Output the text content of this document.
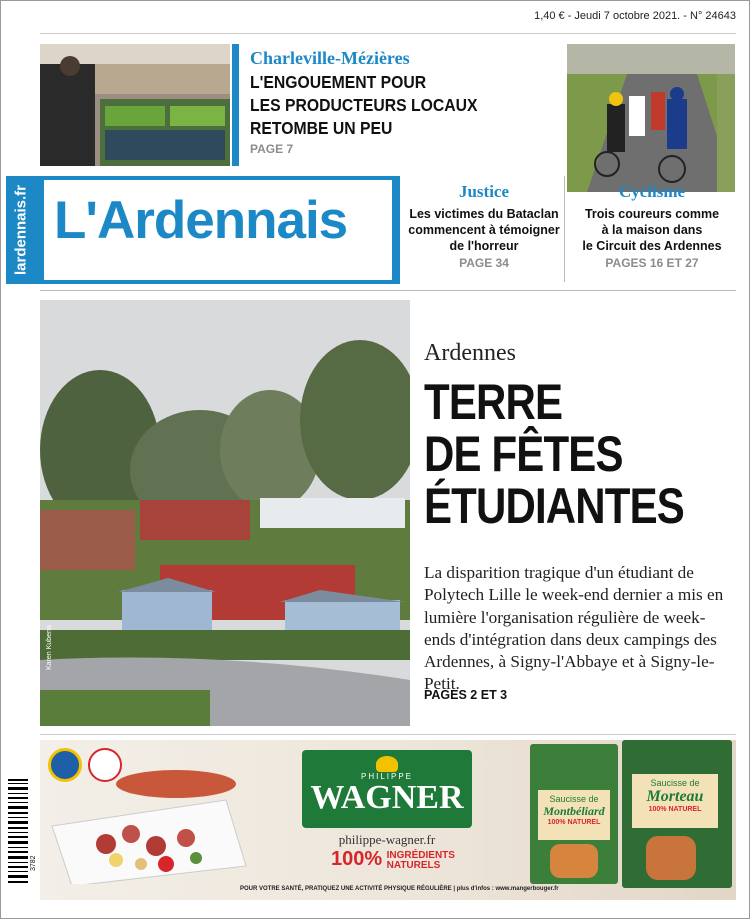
1,40 € - Jeudi 7 octobre 2021. - N° 24643
Charleville-Mézières
L'ENGOUEMENT POUR
LES PRODUCTEURS LOCAUX
RETOMBE UN PEU
PAGE 7
lardennais.fr L'Ardennais	Justice
Les victimes du Bataclan
commencent à témoigner
de l'horreur
PAGE 34
Cyclisme
Trois coureurs comme
à la maison dans
le Circuit des Ardennes
PAGES 16 ET 27
Karen Kubena
Ardennes
TERRE
DE FÊTES
ÉTUDIANTES
La disparition tragique d'un étudiant de Polytech Lille le week-end dernier a mis en lumière l'organisation régulière de week-ends d'intégration dans deux campings des Ardennes, à Signy-l'Abbaye et à Signy-le-Petit.
PAGES 2 ET 3
3782
PHILIPPE
WAGNER
philippe-wagner.fr
100% INGRÉDIENTS
NATURELS
Saucisse de
Montbéliard
100% NATUREL
Saucisse de
Morteau
100% NATUREL
POUR VOTRE SANTÉ, PRATIQUEZ UNE ACTIVITÉ PHYSIQUE RÉGULIÈRE | plus d'infos : www.mangerbouger.fr
